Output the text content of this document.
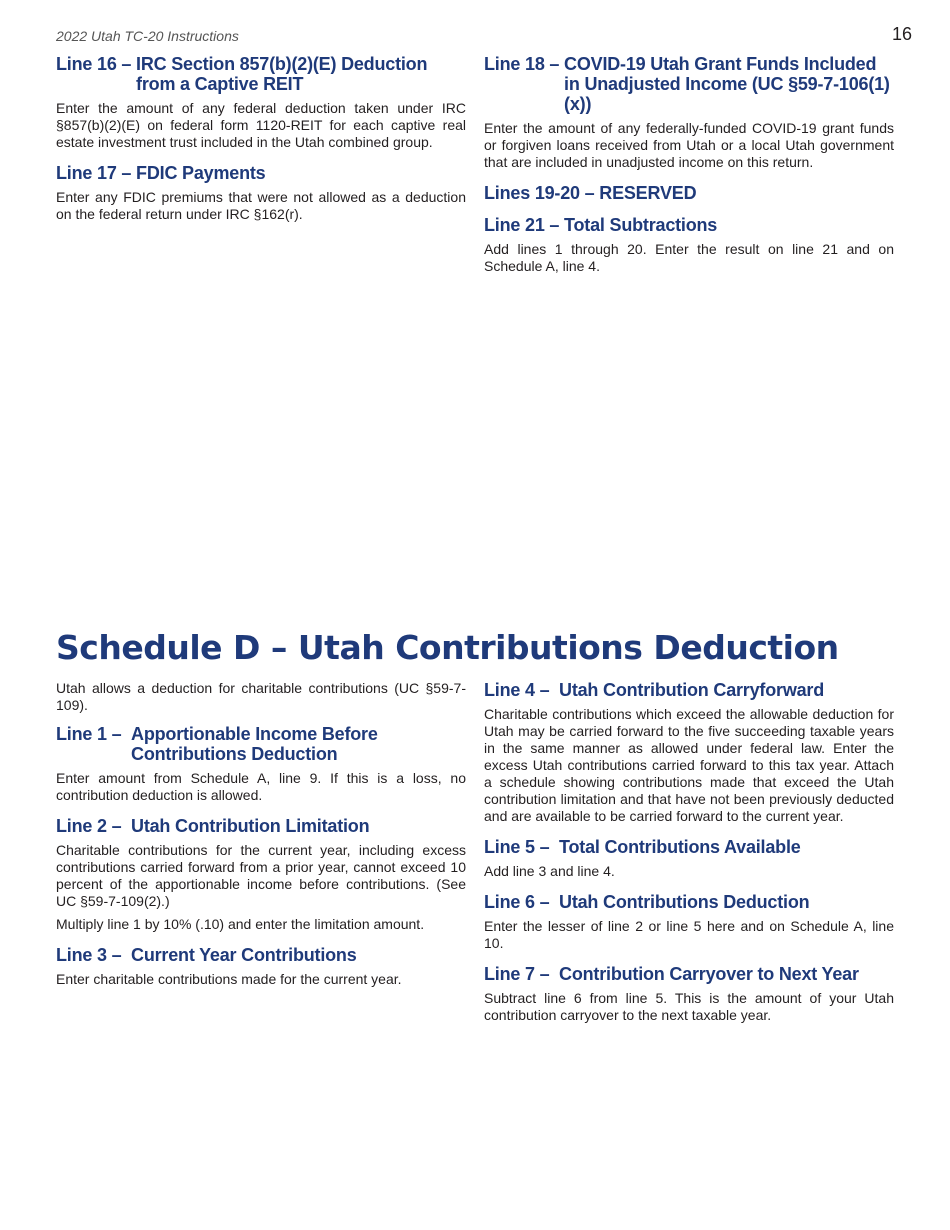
2022 Utah TC-20 Instructions	16
Line 16 – IRC Section 857(b)(2)(E) Deduction from a Captive REIT

Enter the amount of any federal deduction taken under IRC §857(b)(2)(E) on federal form 1120-REIT for each captive real estate investment trust included in the Utah combined group.

Line 17 – FDIC Payments

Enter any FDIC premiums that were not allowed as a deduction on the federal return under IRC §162(r).

Line 18 – COVID-19 Utah Grant Funds Included in Unadjusted Income (UC §59-7-106(1)(x))

Enter the amount of any federally-funded COVID-19 grant funds or forgiven loans received from Utah or a local Utah government that are included in unadjusted income on this return.

Lines 19-20 – RESERVED
Line 21 – Total Subtractions

Add lines 1 through 20. Enter the result on line 21 and on Schedule A, line 4.

Schedule D – Utah Contributions Deduction

Utah allows a deduction for charitable contributions (UC §59-7-109).

Line 1 – Apportionable Income Before Contributions Deduction

Enter amount from Schedule A, line 9. If this is a loss, no contribution deduction is allowed.

Line 2 – Utah Contribution Limitation

Charitable contributions for the current year, including excess contributions carried forward from a prior year, cannot exceed 10 percent of the apportionable income before contributions. (See UC §59-7-109(2).)

Multiply line 1 by 10% (.10) and enter the limitation amount.

Line 3 – Current Year Contributions

Enter charitable contributions made for the current year.

Line 4 – Utah Contribution Carryforward

Charitable contributions which exceed the allowable deduction for Utah may be carried forward to the five succeeding taxable years in the same manner as allowed under federal law. Enter the excess Utah contributions carried forward to this tax year. Attach a schedule showing contributions made that exceed the Utah contribution limitation and that have not been previously deducted and are available to be carried forward to the current year.

Line 5 – Total Contributions Available

Add line 3 and line 4.

Line 6 – Utah Contributions Deduction

Enter the lesser of line 2 or line 5 here and on Schedule A, line 10.

Line 7 – Contribution Carryover to Next Year

Subtract line 6 from line 5. This is the amount of your Utah contribution carryover to the next taxable year.
